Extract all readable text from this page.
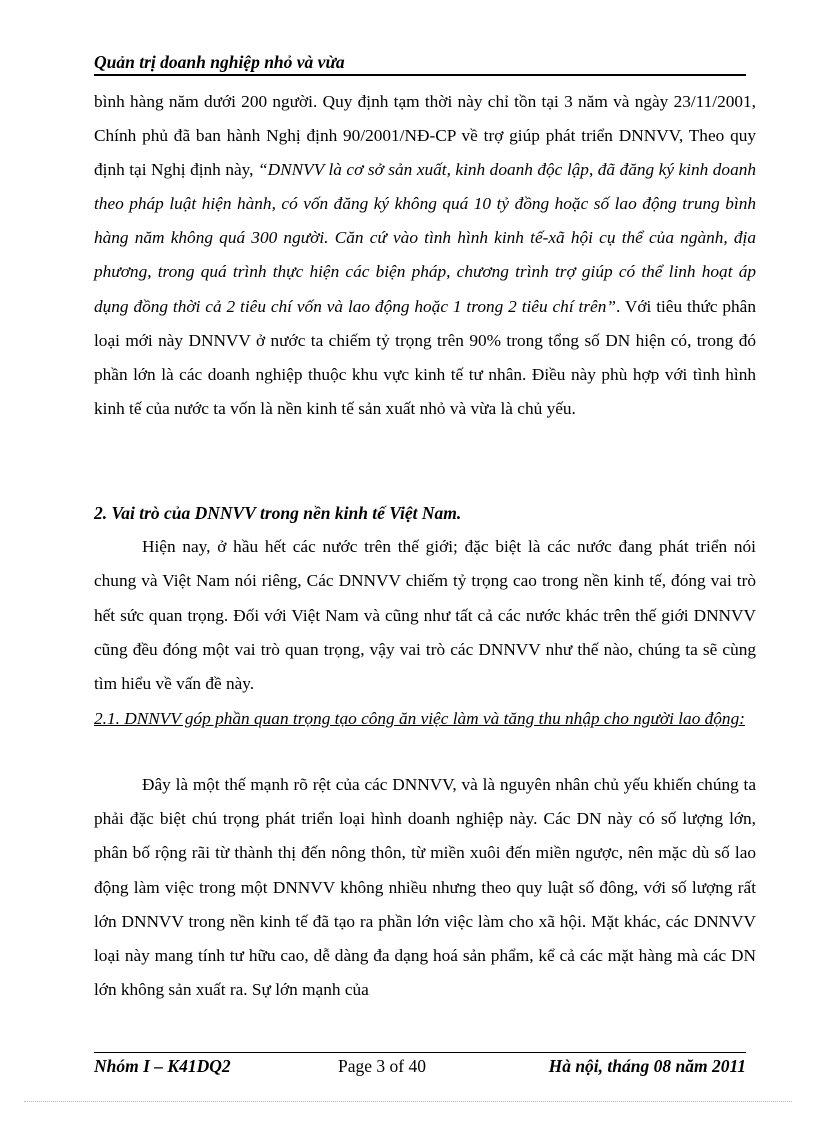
Quản trị doanh nghiệp nhỏ và vừa
bình hàng năm dưới 200 người. Quy định tạm thời này chỉ tồn tại 3 năm và ngày 23/11/2001, Chính phủ đã ban hành Nghị định 90/2001/NĐ-CP về trợ giúp phát triển DNNVV, Theo quy định tại Nghị định này, “DNNVV là cơ sở sản xuất, kinh doanh độc lập, đã đăng ký kinh doanh theo pháp luật hiện hành, có vốn đăng ký không quá 10 tỷ đồng hoặc số lao động trung bình hàng năm không quá 300 người. Căn cứ vào tình hình kinh tế-xã hội cụ thể của ngành, địa phương, trong quá trình thực hiện các biện pháp, chương trình trợ giúp có thể linh hoạt áp dụng đồng thời cả 2 tiêu chí vốn và lao động hoặc 1 trong 2 tiêu chí trên”. Với tiêu thức phân loại mới này DNNVV ở nước ta chiếm tỷ trọng trên 90% trong tổng số DN hiện có, trong đó phần lớn là các doanh nghiệp thuộc khu vực kinh tế tư nhân. Điều này phù hợp với tình hình kinh tế của nước ta vốn là nền kinh tế sản xuất nhỏ và vừa là chủ yếu.
2. Vai trò của DNNVV trong nền kinh tế Việt Nam.
Hiện nay, ở hầu hết các nước trên thế giới; đặc biệt là các nước đang phát triển nói chung và Việt Nam nói riêng, Các DNNVV chiếm tỷ trọng cao trong nền kinh tế, đóng vai trò hết sức quan trọng. Đối với Việt Nam và cũng như tất cả các nước khác trên thế giới DNNVV cũng đều đóng một vai trò quan trọng, vậy vai trò các DNNVV như thế nào, chúng ta sẽ cùng tìm hiểu về vấn đề này.
2.1. DNNVV góp phần quan trọng tạo công ăn việc làm và tăng thu nhập cho người lao động:
Đây là một thế mạnh rõ rệt của các DNNVV, và là nguyên nhân chủ yếu khiến chúng ta phải đặc biệt chú trọng phát triển loại hình doanh nghiệp này. Các DN này có số lượng lớn, phân bố rộng rãi từ thành thị đến nông thôn, từ miền xuôi đến miền ngược, nên mặc dù số lao động làm việc trong một DNNVV không nhiều nhưng theo quy luật số đông, với số lượng rất lớn DNNVV trong nền kinh tế đã tạo ra phần lớn việc làm cho xã hội. Mặt khác, các DNNVV loại này mang tính tư hữu cao, dễ dàng đa dạng hoá sản phẩm, kể cả các mặt hàng mà các DN lớn không sản xuất ra. Sự lớn mạnh của
Nhóm I – K41DQ2	Page 3 of 40	Hà nội, tháng 08 năm 2011
